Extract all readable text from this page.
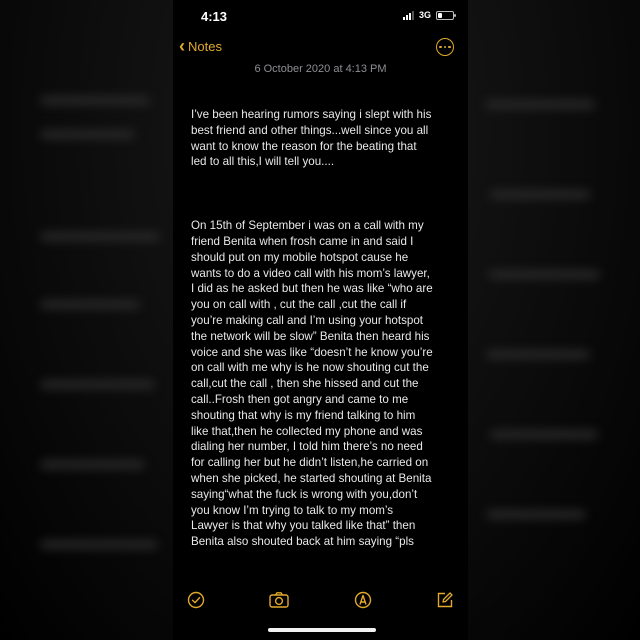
4:13	3G
‹ Notes
6 October 2020 at 4:13 PM

I’ve been hearing rumors saying i slept with his
best friend and other things...well since you all
want to know the reason for the beating that
led to all this,I will tell you....

On 15th of September i was on a call with my
friend Benita when frosh came in and said I
should put on my mobile hotspot cause he
wants to do a video call with his mom’s lawyer,
I did as he asked but then he was like “who are
you on call with , cut the call ,cut the call if
you’re making call and I’m using your hotspot
the network will be slow” Benita then heard his
voice and she was like “doesn’t he know you’re
on call with me why is he now shouting cut the
call,cut the call , then she hissed and cut the
call..Frosh then got angry and came to me
shouting that why is my friend talking to him
like that,then he collected my phone and was
dialing her number, I told him there’s no need
for calling her but he didn’t listen,he carried on
when she picked, he started shouting at Benita
saying“what the fuck is wrong with you,don’t
you know I’m trying to talk to my mom’s
Lawyer is that why you talked like that” then
Benita also shouted back at him saying “pls
